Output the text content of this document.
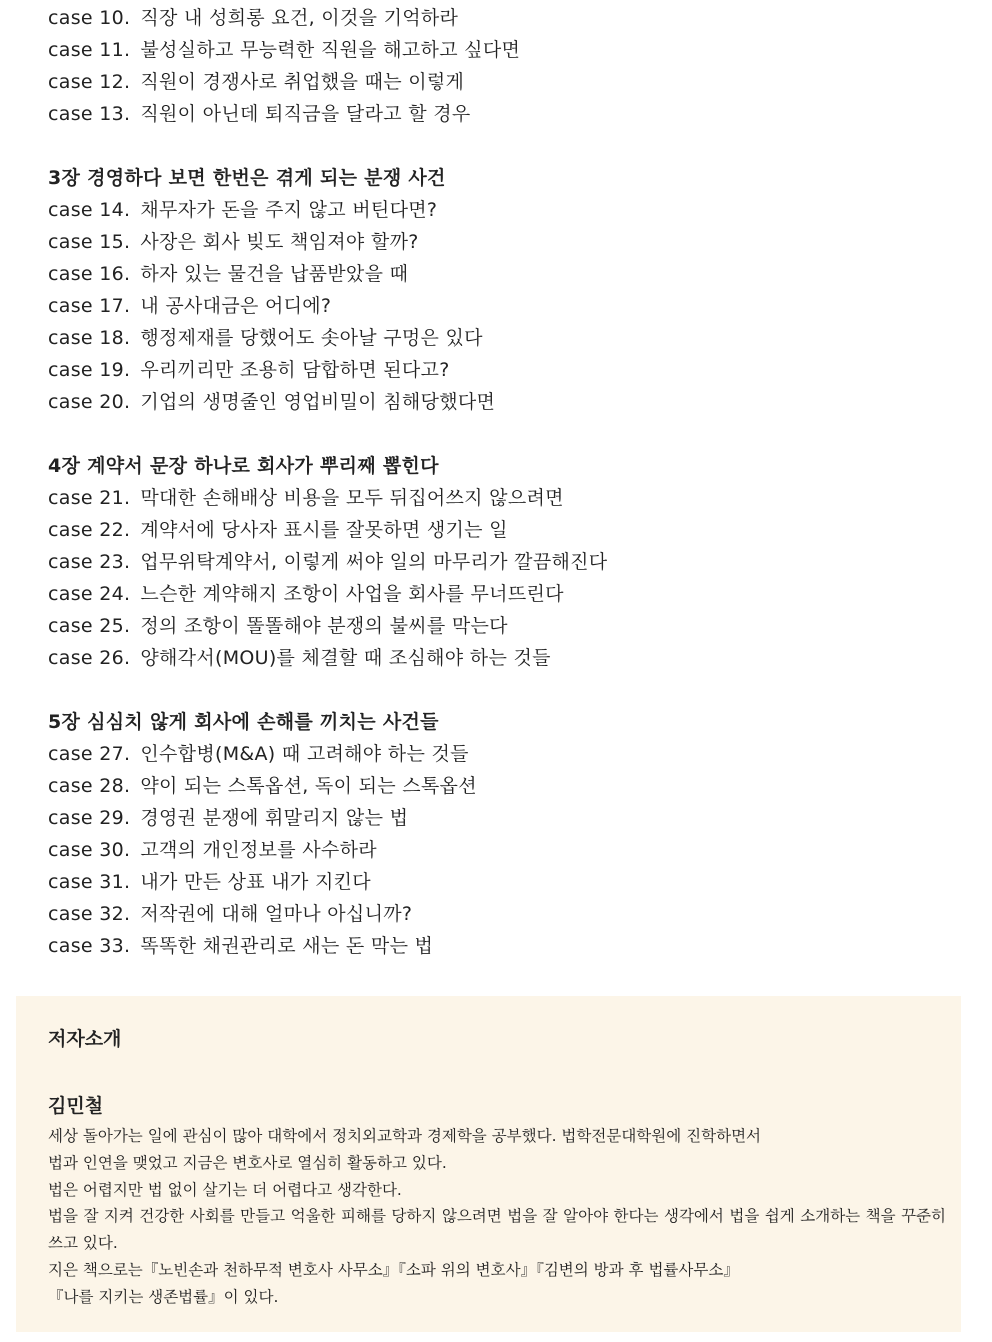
case 10. 직장 내 성희롱 요건, 이것을 기억하라
case 11. 불성실하고 무능력한 직원을 해고하고 싶다면
case 12. 직원이 경쟁사로 취업했을 때는 이렇게
case 13. 직원이 아닌데 퇴직금을 달라고 할 경우
3장 경영하다 보면 한번은 겪게 되는 분쟁 사건
case 14. 채무자가 돈을 주지 않고 버틴다면?
case 15. 사장은 회사 빚도 책임져야 할까?
case 16. 하자 있는 물건을 납품받았을 때
case 17. 내 공사대금은 어디에?
case 18. 행정제재를 당했어도 솟아날 구멍은 있다
case 19. 우리끼리만 조용히 담합하면 된다고?
case 20. 기업의 생명줄인 영업비밀이 침해당했다면
4장 계약서 문장 하나로 회사가 뿌리째 뽑힌다
case 21. 막대한 손해배상 비용을 모두 뒤집어쓰지 않으려면
case 22. 계약서에 당사자 표시를 잘못하면 생기는 일
case 23. 업무위탁계약서, 이렇게 써야 일의 마무리가 깔끔해진다
case 24. 느슨한 계약해지 조항이 사업을 회사를 무너뜨린다
case 25. 정의 조항이 똘똘해야 분쟁의 불씨를 막는다
case 26. 양해각서(MOU)를 체결할 때 조심해야 하는 것들
5장 심심치 않게 회사에 손해를 끼치는 사건들
case 27. 인수합병(M&A) 때 고려해야 하는 것들
case 28. 약이 되는 스톡옵션, 독이 되는 스톡옵션
case 29. 경영권 분쟁에 휘말리지 않는 법
case 30. 고객의 개인정보를 사수하라
case 31. 내가 만든 상표 내가 지킨다
case 32. 저작권에 대해 얼마나 아십니까?
case 33. 똑똑한 채권관리로 새는 돈 막는 법
저자소개
김민철

세상 돌아가는 일에 관심이 많아 대학에서 정치외교학과 경제학을 공부했다. 법학전문대학원에 진학하면서

법과 인연을 맺었고 지금은 변호사로 열심히 활동하고 있다.

법은 어렵지만 법 없이 살기는 더 어렵다고 생각한다.

법을 잘 지켜 건강한 사회를 만들고 억울한 피해를 당하지 않으려면 법을 잘 알아야 한다는 생각에서 법을 쉽게 소개하는 책을 꾸준히 쓰고 있다.

지은 책으로는『노빈손과 천하무적 변호사 사무소』『소파 위의 변호사』『김변의 방과 후 법률사무소』

『나를 지키는 생존법률』이 있다.
